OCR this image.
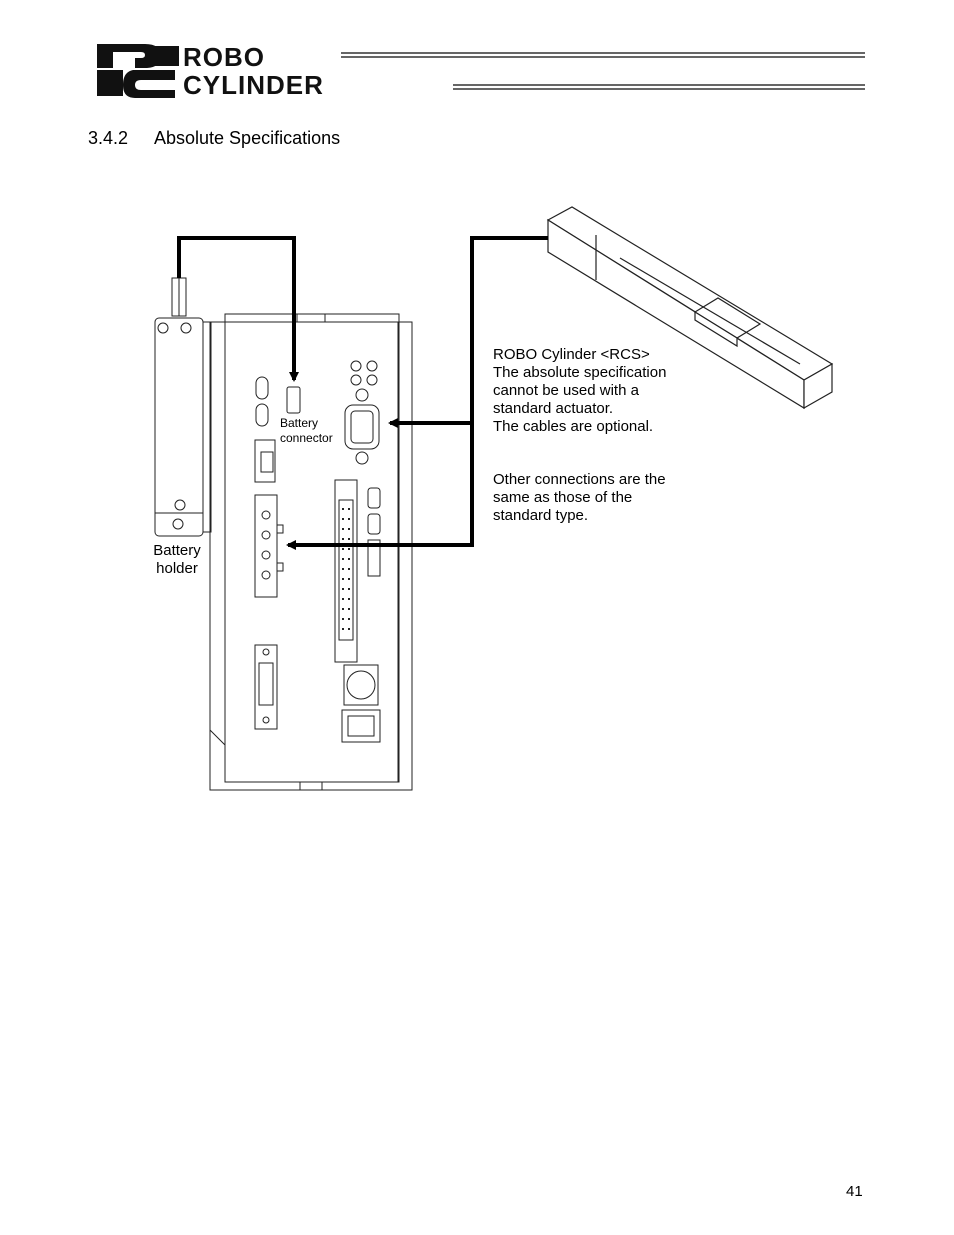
ROBO
CYLINDER
3.4.2 Absolute Specifications
Battery
connector
Battery
holder
ROBO Cylinder <RCS>
The absolute specification
cannot be used with a
standard actuator.
The cables are optional.
Other connections are the
same as those of the
standard type.
41
